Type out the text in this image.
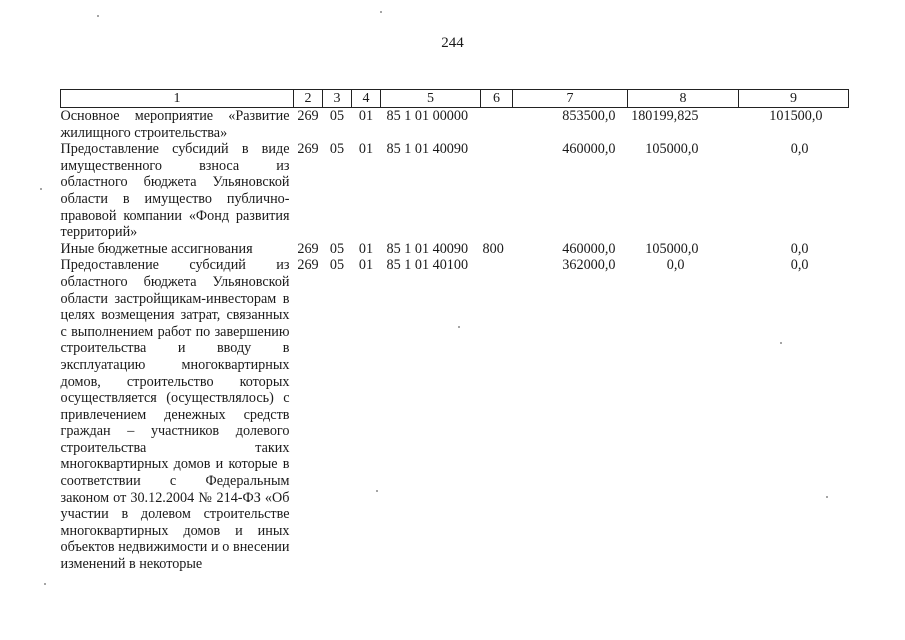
244
1	2	3	4	5	6	7	8	9
Основное мероприятие «Развитие жилищного строительства»	269	05	01	85 1 01 00000		853500,0	180199,825	101500,0
Предоставление субсидий в виде имущественного взноса из областного бюджета Ульяновской области в имущество публично-правовой компании «Фонд развития территорий»	269	05	01	85 1 01 40090		460000,0	105000,0	0,0
Иные бюджетные ассигнования	269	05	01	85 1 01 40090	800	460000,0	105000,0	0,0
Предоставление субсидий из областного бюджета Ульяновской области застройщикам-инвесторам в целях возмещения затрат, связанных с выполнением работ по завершению строительства и вводу в эксплуатацию многоквартирных домов, строительство которых осуществляется (осуществлялось) с привлечением денежных средств граждан – участников долевого строительства таких многоквартирных домов и которые в соответствии с Федеральным законом от 30.12.2004 № 214-ФЗ «Об участии в долевом строительстве многоквартирных домов и иных объектов недвижимости и о внесении изменений в некоторые	269	05	01	85 1 01 40100		362000,0	0,0	0,0
